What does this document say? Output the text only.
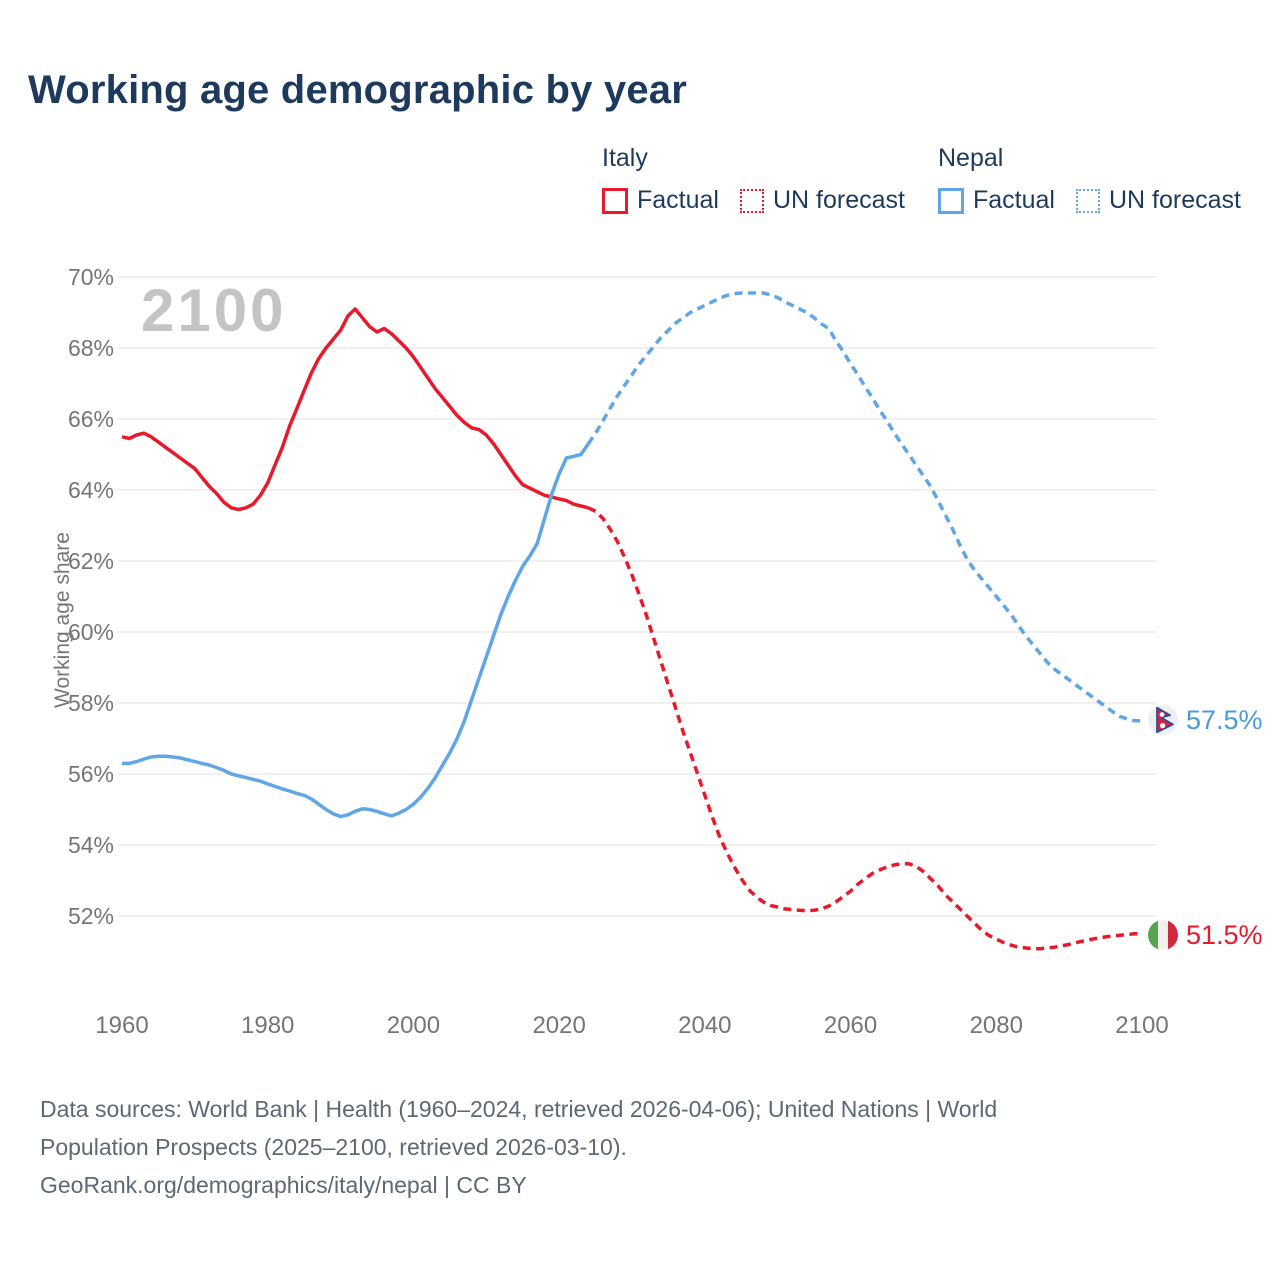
Working age demographic by year
Italy
Factual UN forecast
Nepal
Factual UN forecast
2100
Working age share
70%
68%
66%
64%
62%
60%
58%
56%
54%
52%
1960	1980	2000	2020	2040	2060	2080	2100
57.5%
51.5%
Data sources: World Bank | Health (1960–2024, retrieved 2026-04-06); United Nations | World
Population Prospects (2025–2100, retrieved 2026-03-10).
GeoRank.org/demographics/italy/nepal | CC BY
